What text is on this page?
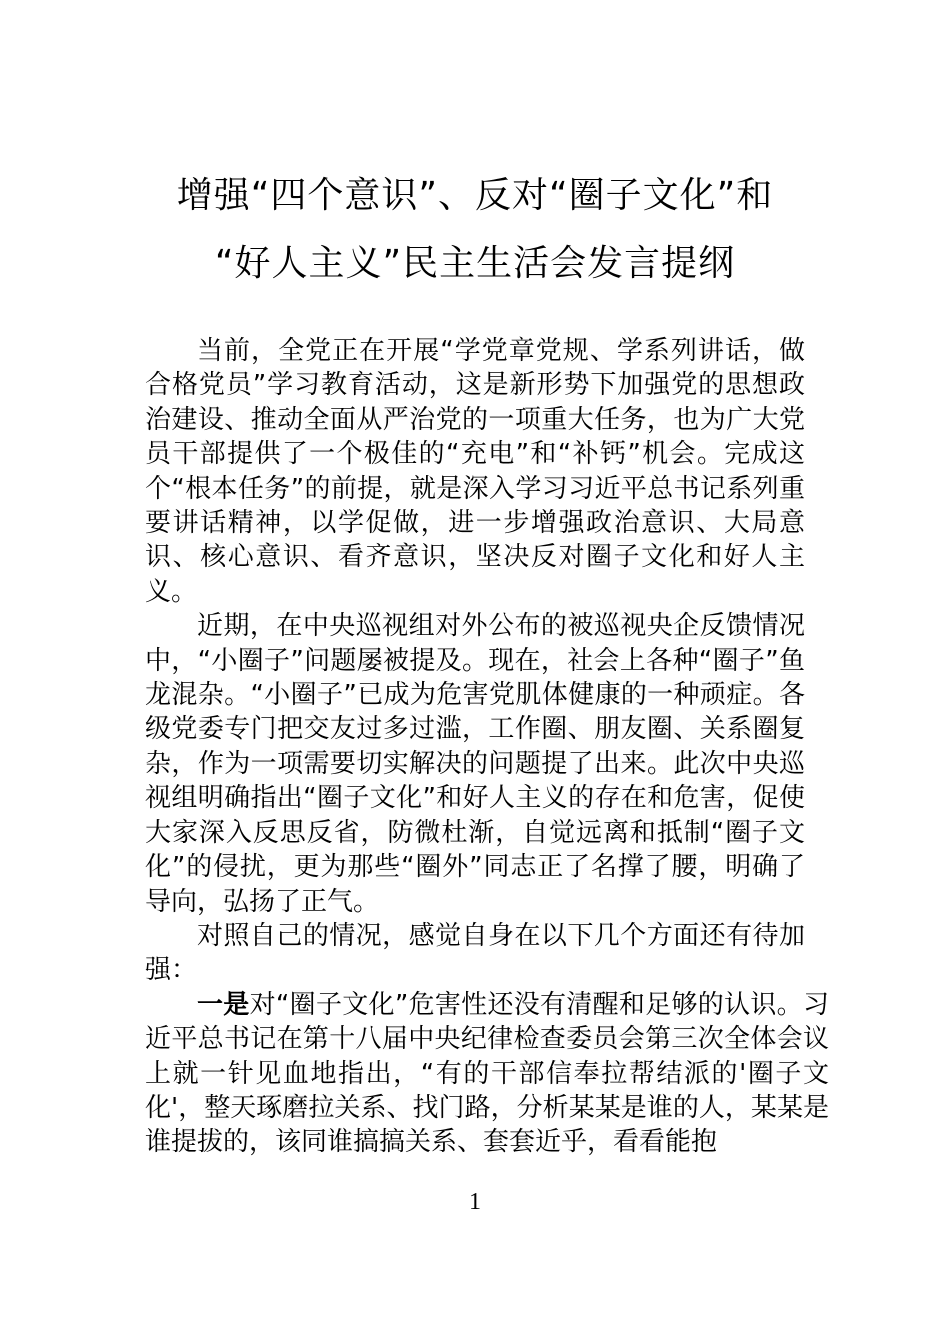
增强“四个意识”、反对“圈子文化”和
“好人主义”民主生活会发言提纲

当前，全党正在开展“学党章党规、学系列讲话，做合格党员”学习教育活动，这是新形势下加强党的思想政治建设、推动全面从严治党的一项重大任务，也为广大党员干部提供了一个极佳的“充电”和“补钙”机会。完成这个“根本任务”的前提，就是深入学习习近平总书记系列重要讲话精神，以学促做，进一步增强政治意识、大局意识、核心意识、看齐意识，坚决反对圈子文化和好人主义。

近期，在中央巡视组对外公布的被巡视央企反馈情况中，“小圈子”问题屡被提及。现在，社会上各种“圈子”鱼龙混杂。“小圈子”已成为危害党肌体健康的一种顽症。各级党委专门把交友过多过滥，工作圈、朋友圈、关系圈复杂，作为一项需要切实解决的问题提了出来。此次中央巡视组明确指出“圈子文化”和好人主义的存在和危害，促使大家深入反思反省，防微杜渐，自觉远离和抵制“圈子文化”的侵扰，更为那些“圈外”同志正了名撑了腰，明确了导向，弘扬了正气。

对照自己的情况，感觉自身在以下几个方面还有待加强：

一是对“圈子文化”危害性还没有清醒和足够的认识。习近平总书记在第十八届中央纪律检查委员会第三次全体会议上就一针见血地指出，“有的干部信奉拉帮结派的'圈子文化'，整天琢磨拉关系、找门路，分析某某是谁的人，某某是谁提拔的，该同谁搞搞关系、套套近乎，看看能抱

1
